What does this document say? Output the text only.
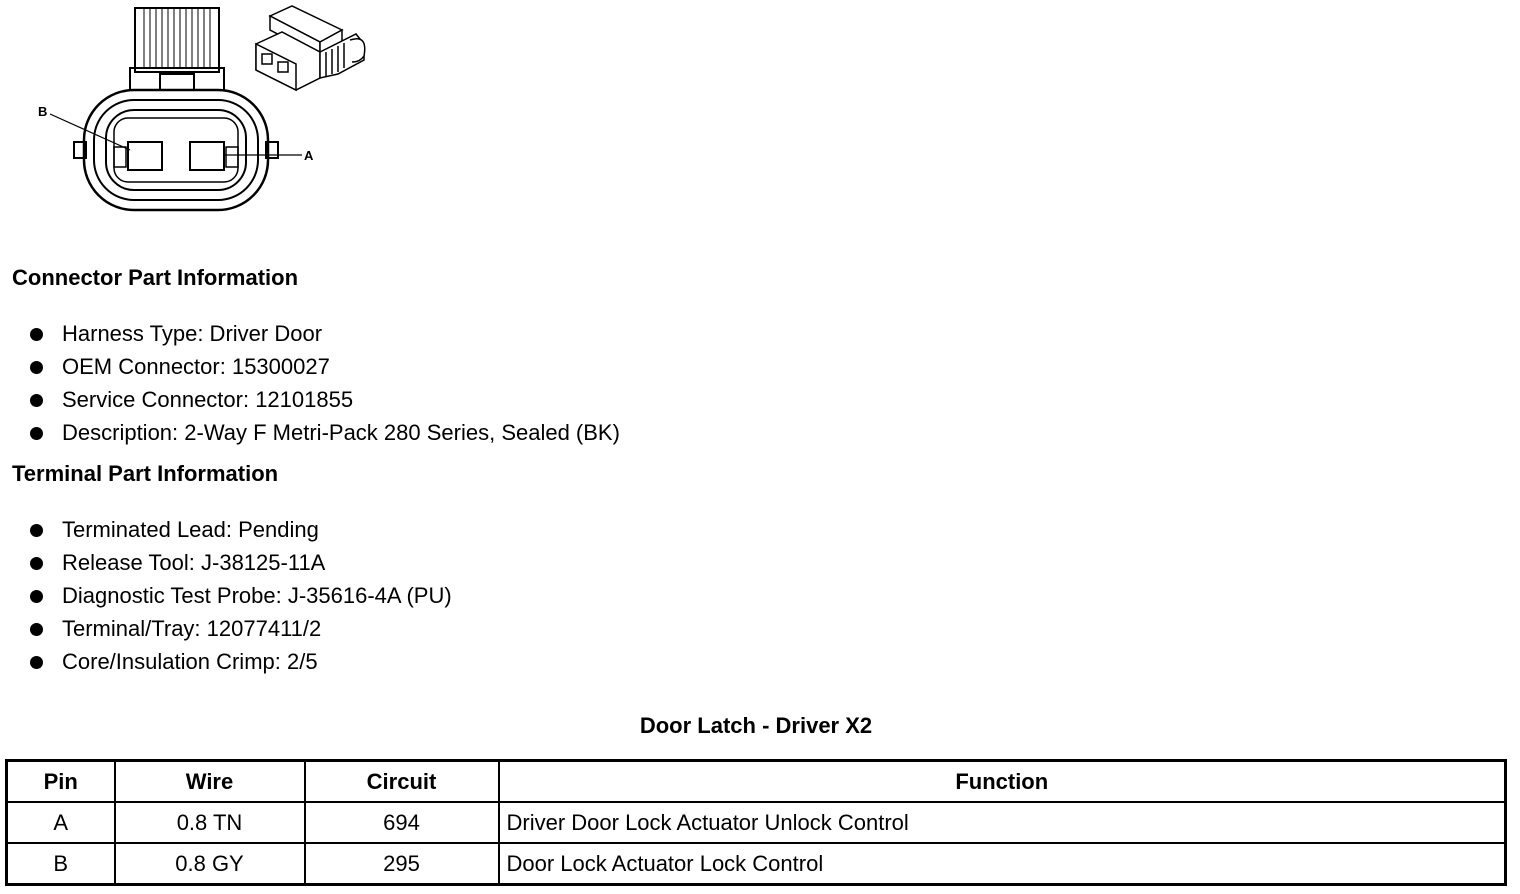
B
A
Connector Part Information
Harness Type: Driver Door
OEM Connector: 15300027
Service Connector: 12101855
Description: 2-Way F Metri-Pack 280 Series, Sealed (BK)
Terminal Part Information
Terminated Lead: Pending
Release Tool: J-38125-11A
Diagnostic Test Probe: J-35616-4A (PU)
Terminal/Tray: 12077411/2
Core/Insulation Crimp: 2/5
Door Latch - Driver X2
Pin	Wire	Circuit	Function
A	0.8 TN	694	Driver Door Lock Actuator Unlock Control
B	0.8 GY	295	Door Lock Actuator Lock Control
